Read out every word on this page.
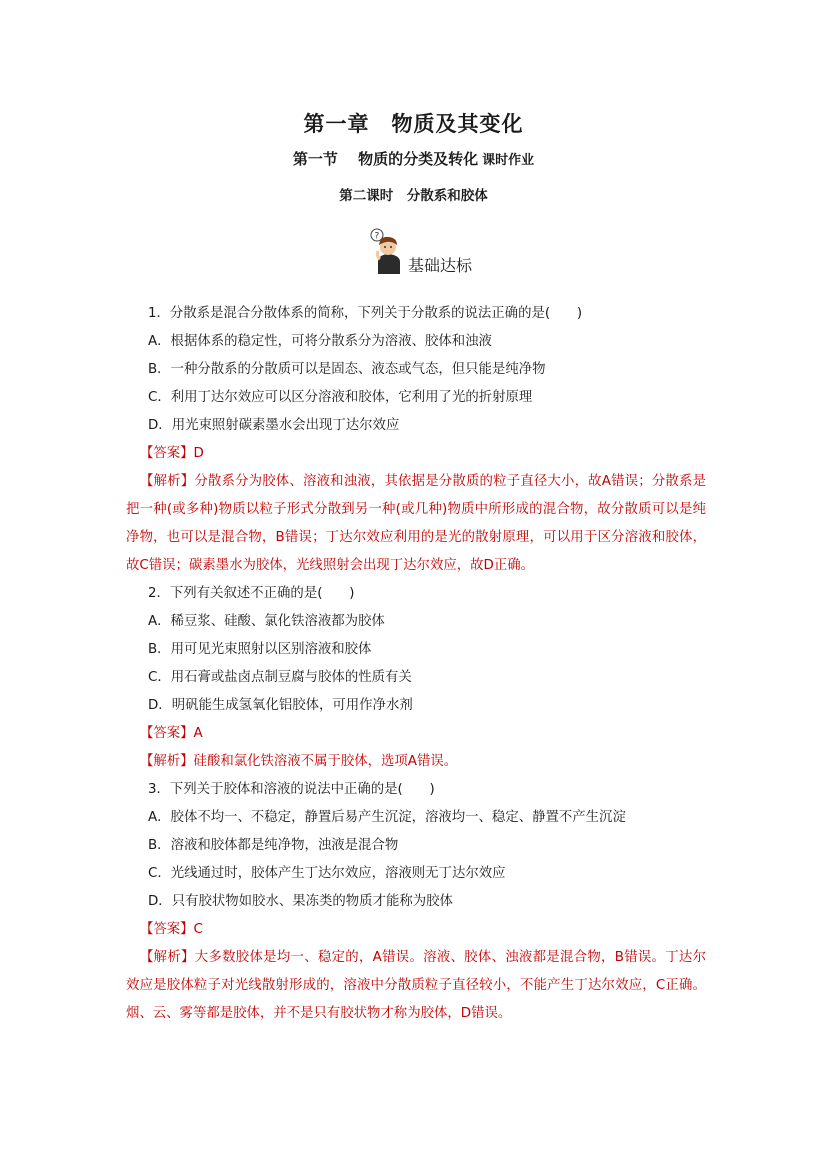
第一章　物质及其变化
第一节　 物质的分类及转化 课时作业
第二课时　分散系和胶体
?
基础达标
1．分散系是混合分散体系的简称，下列关于分散系的说法正确的是(　　)
A．根据体系的稳定性，可将分散系分为溶液、胶体和浊液
B．一种分散系的分散质可以是固态、液态或气态，但只能是纯净物
C．利用丁达尔效应可以区分溶液和胶体，它利用了光的折射原理
D．用光束照射碳素墨水会出现丁达尔效应
【答案】D
【解析】分散系分为胶体、溶液和浊液，其依据是分散质的粒子直径大小，故A错误；分散系是把一种(或多种)物质以粒子形式分散到另一种(或几种)物质中所形成的混合物，故分散质可以是纯净物，也可以是混合物，B错误；丁达尔效应利用的是光的散射原理，可以用于区分溶液和胶体，故C错误；碳素墨水为胶体，光线照射会出现丁达尔效应，故D正确。
2．下列有关叙述不正确的是(　　)
A．稀豆浆、硅酸、氯化铁溶液都为胶体
B．用可见光束照射以区别溶液和胶体
C．用石膏或盐卤点制豆腐与胶体的性质有关
D．明矾能生成氢氧化铝胶体，可用作净水剂
【答案】A
【解析】硅酸和氯化铁溶液不属于胶体，选项A错误。
3．下列关于胶体和溶液的说法中正确的是(　　)
A．胶体不均一、不稳定，静置后易产生沉淀，溶液均一、稳定、静置不产生沉淀
B．溶液和胶体都是纯净物，浊液是混合物
C．光线通过时，胶体产生丁达尔效应，溶液则无丁达尔效应
D．只有胶状物如胶水、果冻类的物质才能称为胶体
【答案】C
【解析】大多数胶体是均一、稳定的，A错误。溶液、胶体、浊液都是混合物，B错误。丁达尔效应是胶体粒子对光线散射形成的，溶液中分散质粒子直径较小，不能产生丁达尔效应，C正确。烟、云、雾等都是胶体，并不是只有胶状物才称为胶体，D错误。
